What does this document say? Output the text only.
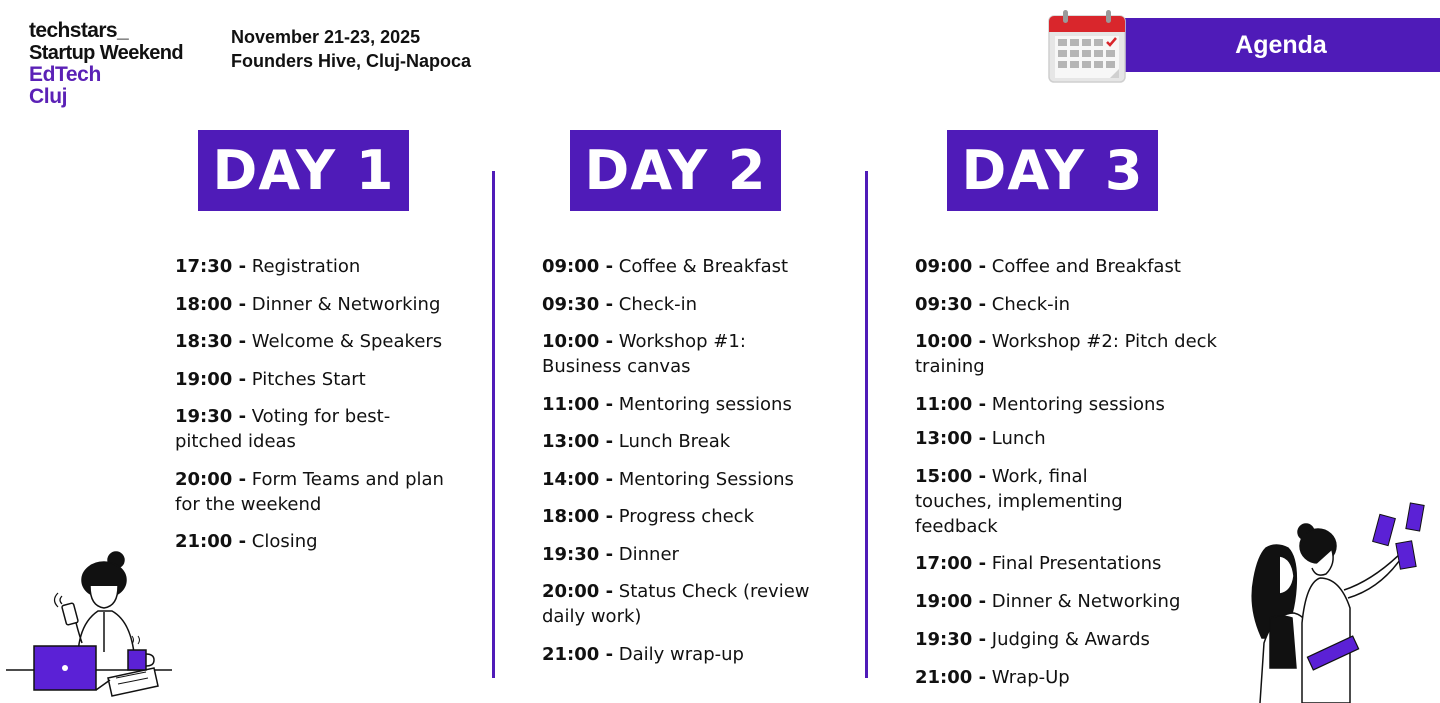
techstars_
Startup Weekend
EdTech
Cluj
November 21-23, 2025
Founders Hive, Cluj-Napoca
Agenda
DAY 1	DAY 2	DAY 3
17:30 - Registration
18:00 - Dinner & Networking
18:30 - Welcome & Speakers
19:00 - Pitches Start
19:30 - Voting for best-pitched ideas
20:00 - Form Teams and plan for the weekend
21:00 - Closing
09:00 - Coffee & Breakfast
09:30 - Check-in
10:00 - Workshop #1: Business canvas
11:00 - Mentoring sessions
13:00 - Lunch Break
14:00 - Mentoring Sessions
18:00 - Progress check
19:30 - Dinner
20:00 - Status Check (review daily work)
21:00 - Daily wrap-up
09:00 - Coffee and Breakfast
09:30 - Check-in
10:00 - Workshop #2: Pitch deck training
11:00 - Mentoring sessions
13:00 - Lunch
15:00 - Work, final touches, implementing feedback
17:00 - Final Presentations
19:00 - Dinner & Networking
19:30 - Judging & Awards
21:00 - Wrap-Up
